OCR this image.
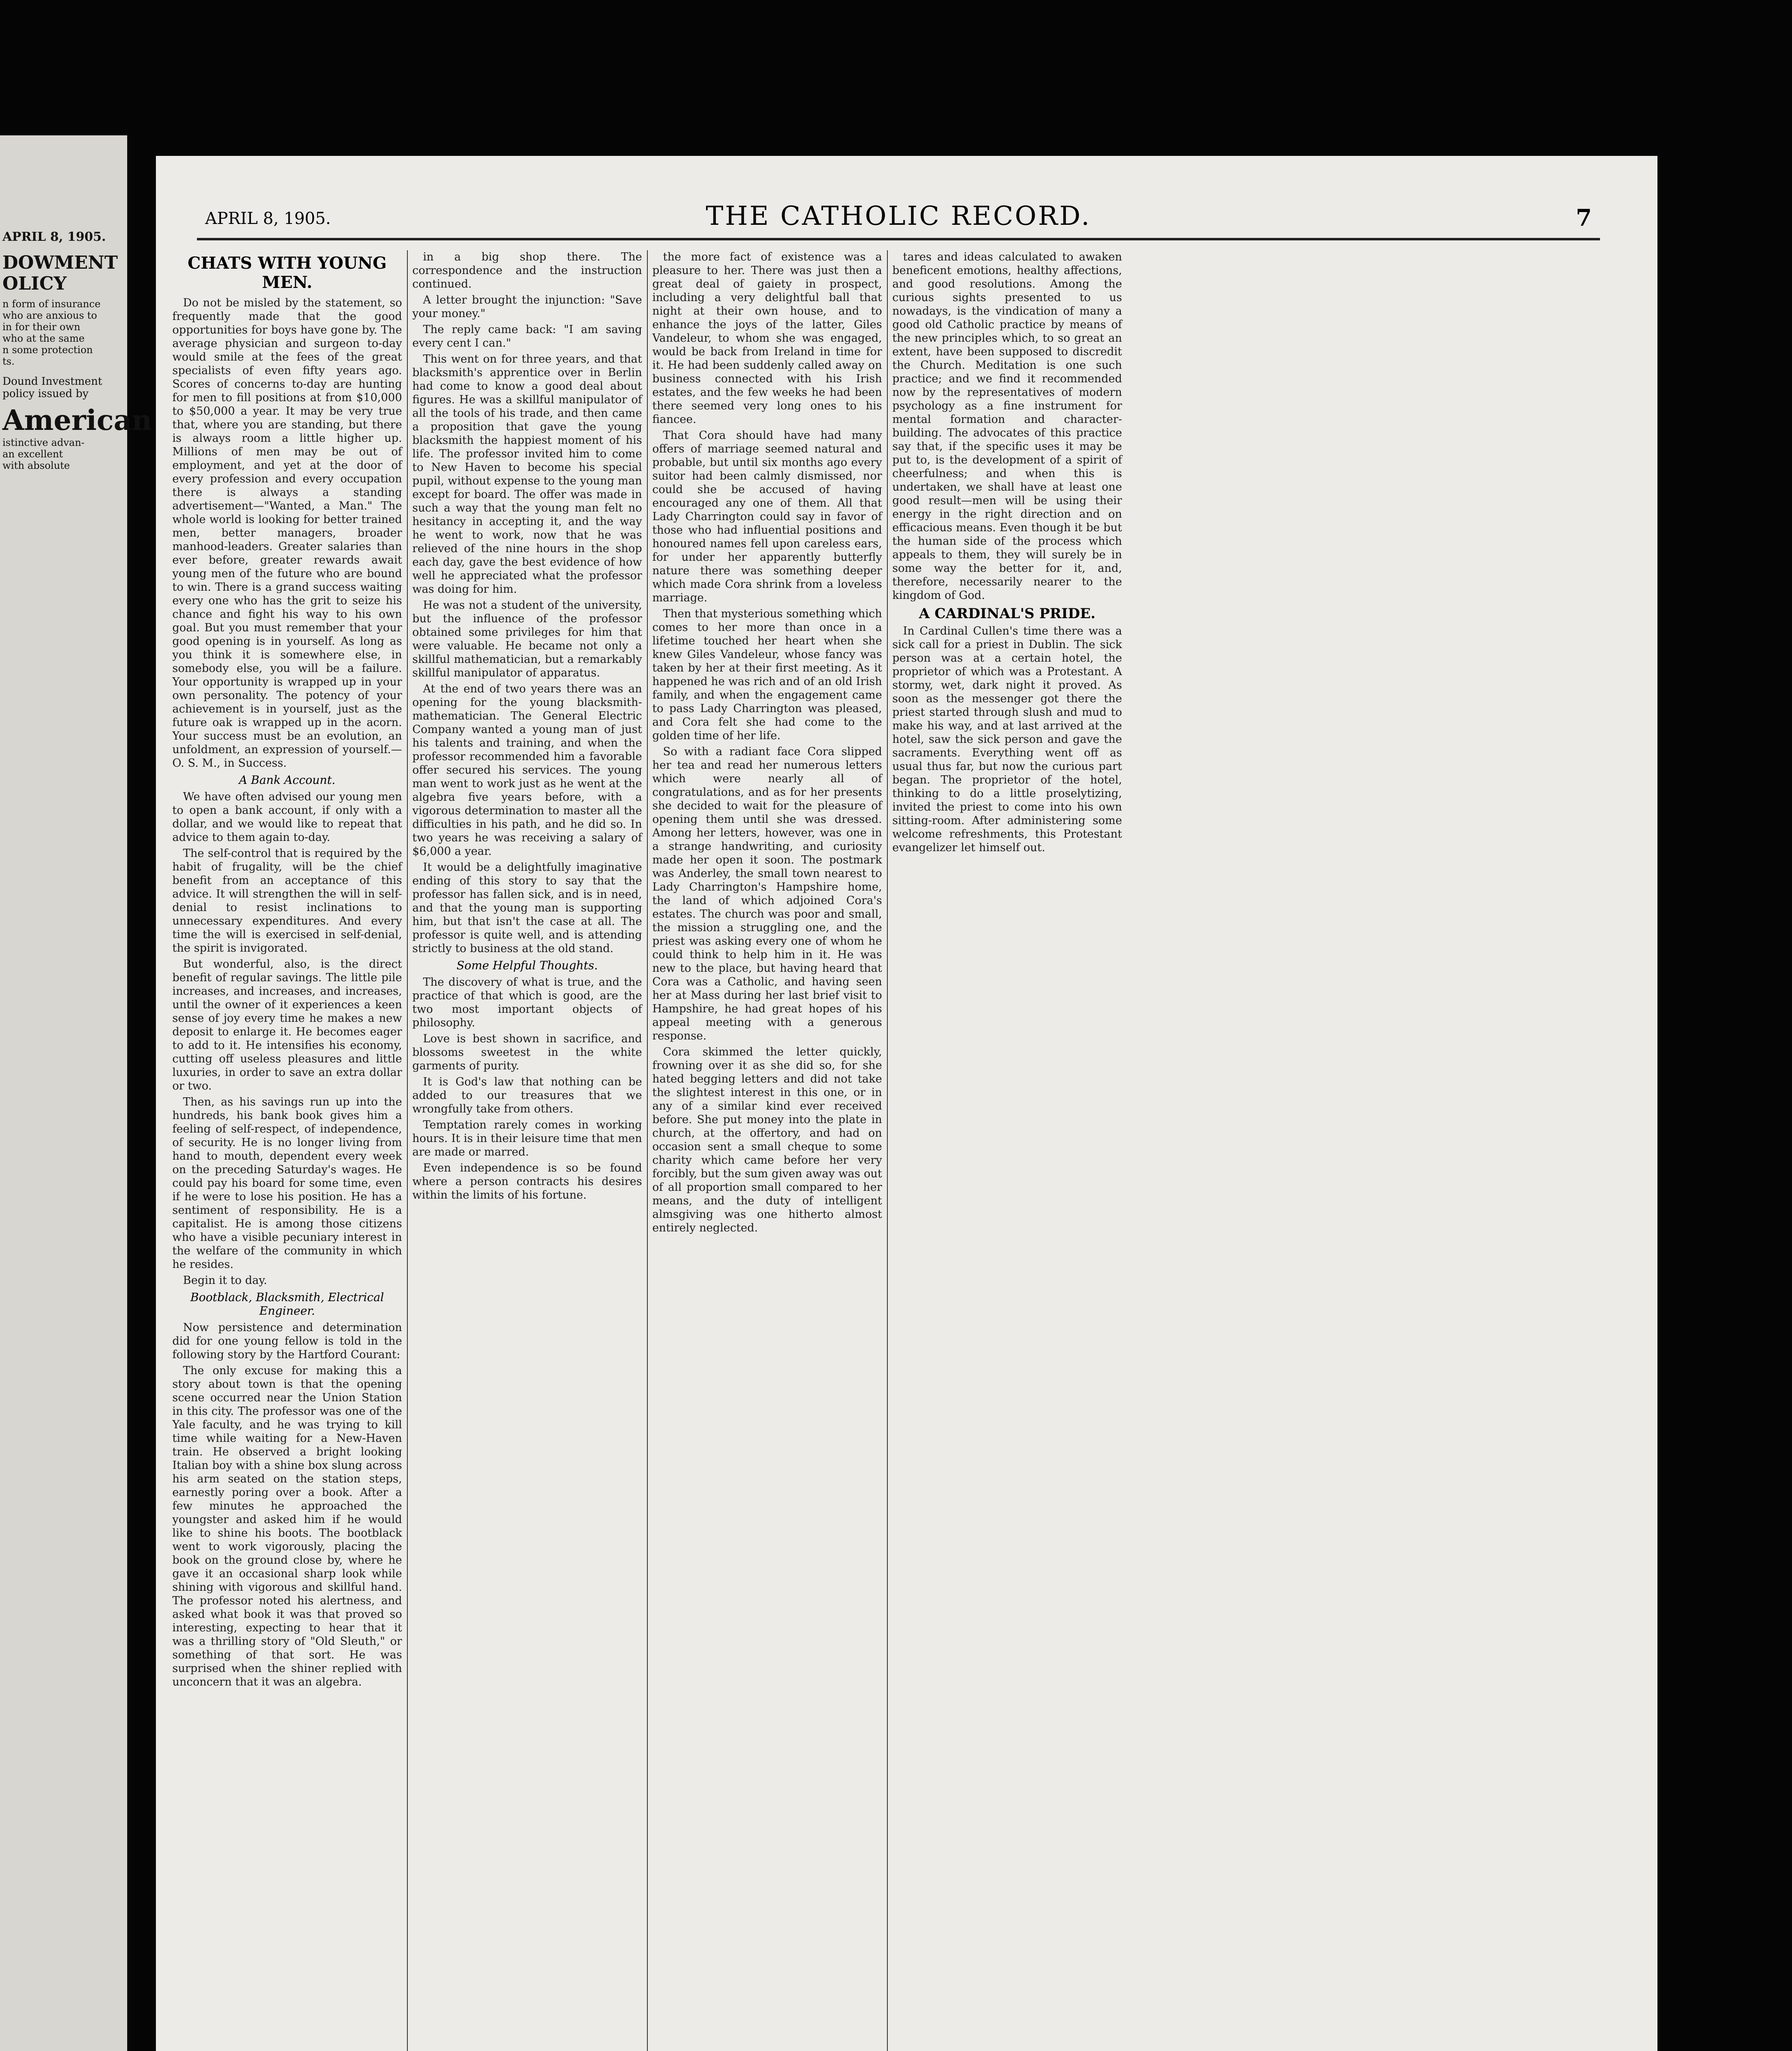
APRIL 8, 1905.
DOWMENT
OLICY
n form of insurance
who are anxious to
in for their own
who at the same
n some protection
ts.
Dound Investment
policy issued by
American
istinctive advan-
an excellent
with absolute
APRIL 8, 1905.	THE CATHOLIC RECORD.	7
CHATS WITH YOUNG MEN.

Do not be misled by the statement, so frequently made that the good opportunities for boys have gone by. The average physician and surgeon to-day would smile at the fees of the great specialists of even fifty years ago. Scores of concerns to-day are hunting for men to fill positions at from $10,000 to $50,000 a year. It may be very true that, where you are standing, but there is always room a little higher up. Millions of men may be out of employment, and yet at the door of every profession and every occupation there is always a standing advertisement—"Wanted, a Man." The whole world is looking for better trained men, better managers, broader manhood-leaders. Greater salaries than ever before, greater rewards await young men of the future who are bound to win. There is a grand success waiting every one who has the grit to seize his chance and fight his way to his own goal. But you must remember that your good opening is in yourself. As long as you think it is somewhere else, in somebody else, you will be a failure. Your opportunity is wrapped up in your own personality. The potency of your achievement is in yourself, just as the future oak is wrapped up in the acorn. Your success must be an evolution, an unfoldment, an expression of yourself.—O. S. M., in Success.

A Bank Account.

We have often advised our young men to open a bank account, if only with a dollar, and we would like to repeat that advice to them again to-day.

The self-control that is required by the habit of frugality, will be the chief benefit from an acceptance of this advice. It will strengthen the will in self-denial to resist inclinations to unnecessary expenditures. And every time the will is exercised in self-denial, the spirit is invigorated.

But wonderful, also, is the direct benefit of regular savings. The little pile increases, and increases, and increases, until the owner of it experiences a keen sense of joy every time he makes a new deposit to enlarge it. He becomes eager to add to it. He intensifies his economy, cutting off useless pleasures and little luxuries, in order to save an extra dollar or two.

Then, as his savings run up into the hundreds, his bank book gives him a feeling of self-respect, of independence, of security. He is no longer living from hand to mouth, dependent every week on the preceding Saturday's wages. He could pay his board for some time, even if he were to lose his position. He has a sentiment of responsibility. He is a capitalist. He is among those citizens who have a visible pecuniary interest in the welfare of the community in which he resides.

Begin it to day.

Bootblack, Blacksmith, Electrical Engineer.

Now persistence and determination did for one young fellow is told in the following story by the Hartford Courant:

The only excuse for making this a story about town is that the opening scene occurred near the Union Station in this city. The professor was one of the Yale faculty, and he was trying to kill time while waiting for a New-Haven train. He observed a bright looking Italian boy with a shine box slung across his arm seated on the station steps, earnestly poring over a book. After a few minutes he approached the youngster and asked him if he would like to shine his boots. The bootblack went to work vigorously, placing the book on the ground close by, where he gave it an occasional sharp look while shining with vigorous and skillful hand. The professor noted his alertness, and asked what book it was that proved so interesting, expecting to hear that it was a thrilling story of "Old Sleuth," or something of that sort. He was surprised when the shiner replied with unconcern that it was an algebra.

in a big shop there. The correspondence and the instruction continued.

A letter brought the injunction: "Save your money."

The reply came back: "I am saving every cent I can."

This went on for three years, and that blacksmith's apprentice over in Berlin had come to know a good deal about figures. He was a skillful manipulator of all the tools of his trade, and then came a proposition that gave the young blacksmith the happiest moment of his life. The professor invited him to come to New Haven to become his special pupil, without expense to the young man except for board. The offer was made in such a way that the young man felt no hesitancy in accepting it, and the way he went to work, now that he was relieved of the nine hours in the shop each day, gave the best evidence of how well he appreciated what the professor was doing for him.

He was not a student of the university, but the influence of the professor obtained some privileges for him that were valuable. He became not only a skillful mathematician, but a remarkably skillful manipulator of apparatus.

At the end of two years there was an opening for the young blacksmith-mathematician. The General Electric Company wanted a young man of just his talents and training, and when the professor recommended him a favorable offer secured his services. The young man went to work just as he went at the algebra five years before, with a vigorous determination to master all the difficulties in his path, and he did so. In two years he was receiving a salary of $6,000 a year.

It would be a delightfully imaginative ending of this story to say that the professor has fallen sick, and is in need, and that the young man is supporting him, but that isn't the case at all. The professor is quite well, and is attending strictly to business at the old stand.

Some Helpful Thoughts.

The discovery of what is true, and the practice of that which is good, are the two most important objects of philosophy.

Love is best shown in sacrifice, and blossoms sweetest in the white garments of purity.

It is God's law that nothing can be added to our treasures that we wrongfully take from others.

Temptation rarely comes in working hours. It is in their leisure time that men are made or marred.

Even independence is so be found where a person contracts his desires within the limits of his fortune.

the more fact of existence was a pleasure to her. There was just then a great deal of gaiety in prospect, including a very delightful ball that night at their own house, and to enhance the joys of the latter, Giles Vandeleur, to whom she was engaged, would be back from Ireland in time for it. He had been suddenly called away on business connected with his Irish estates, and the few weeks he had been there seemed very long ones to his fiancee.

That Cora should have had many offers of marriage seemed natural and probable, but until six months ago every suitor had been calmly dismissed, nor could she be accused of having encouraged any one of them. All that Lady Charrington could say in favor of those who had influential positions and honoured names fell upon careless ears, for under her apparently butterfly nature there was something deeper which made Cora shrink from a loveless marriage.

Then that mysterious something which comes to her more than once in a lifetime touched her heart when she knew Giles Vandeleur, whose fancy was taken by her at their first meeting. As it happened he was rich and of an old Irish family, and when the engagement came to pass Lady Charrington was pleased, and Cora felt she had come to the golden time of her life.

So with a radiant face Cora slipped her tea and read her numerous letters which were nearly all of congratulations, and as for her presents she decided to wait for the pleasure of opening them until she was dressed. Among her letters, however, was one in a strange handwriting, and curiosity made her open it soon. The postmark was Anderley, the small town nearest to Lady Charrington's Hampshire home, the land of which adjoined Cora's estates. The church was poor and small, the mission a struggling one, and the priest was asking every one of whom he could think to help him in it. He was new to the place, but having heard that Cora was a Catholic, and having seen her at Mass during her last brief visit to Hampshire, he had great hopes of his appeal meeting with a generous response.

Cora skimmed the letter quickly, frowning over it as she did so, for she hated begging letters and did not take the slightest interest in this one, or in any of a similar kind ever received before. She put money into the plate in church, at the offertory, and had on occasion sent a small cheque to some charity which came before her very forcibly, but the sum given away was out of all proportion small compared to her means, and the duty of intelligent almsgiving was one hitherto almost entirely neglected.

tares and ideas calculated to awaken beneficent emotions, healthy affections, and good resolutions. Among the curious sights presented to us nowadays, is the vindication of many a good old Catholic practice by means of the new principles which, to so great an extent, have been supposed to discredit the Church. Meditation is one such practice; and we find it recommended now by the representatives of modern psychology as a fine instrument for mental formation and character-building. The advocates of this practice say that, if the specific uses it may be put to, is the development of a spirit of cheerfulness; and when this is undertaken, we shall have at least one good result—men will be using their energy in the right direction and on efficacious means. Even though it be but the human side of the process which appeals to them, they will surely be in some way the better for it, and, therefore, necessarily nearer to the kingdom of God.

A CARDINAL'S PRIDE.

In Cardinal Cullen's time there was a sick call for a priest in Dublin. The sick person was at a certain hotel, the proprietor of which was a Protestant. A stormy, wet, dark night it proved. As soon as the messenger got there the priest started through slush and mud to make his way, and at last arrived at the hotel, saw the sick person and gave the sacraments. Everything went off as usual thus far, but now the curious part began. The proprietor of the hotel, thinking to do a little proselytizing, invited the priest to come into his own sitting-room. After administering some welcome refreshments, this Protestant evangelizer let himself out.
